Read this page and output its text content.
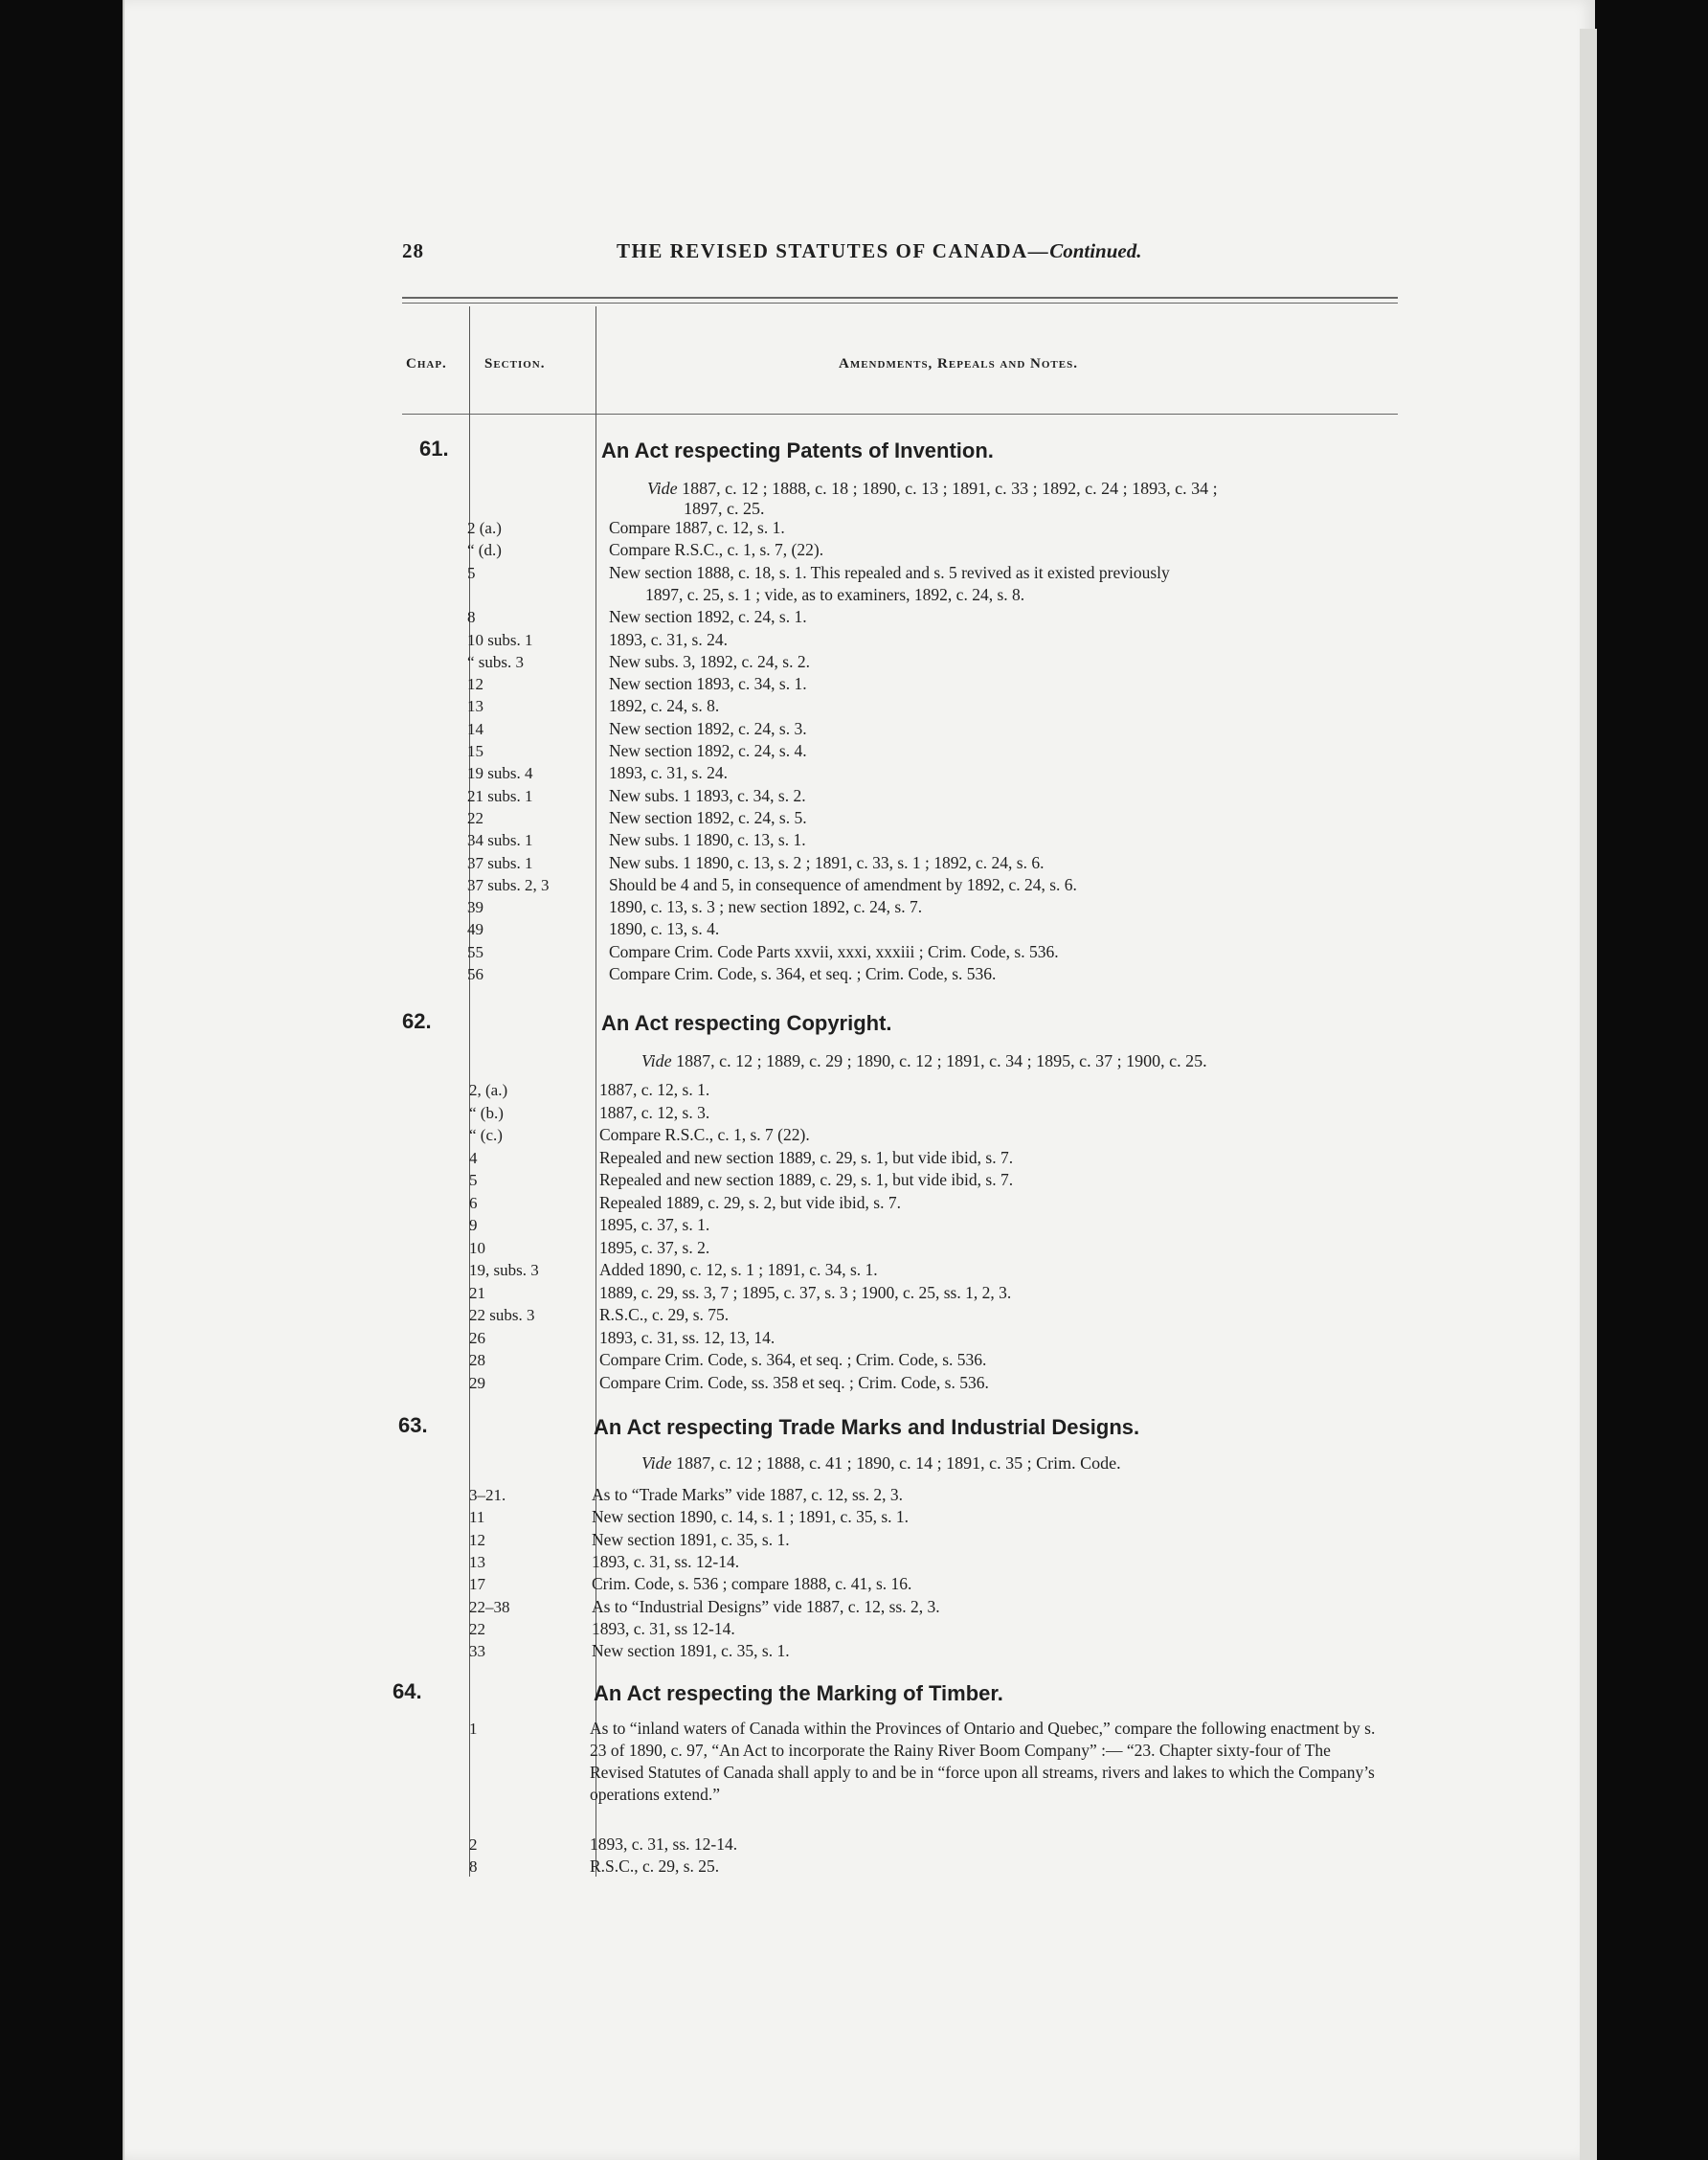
28	THE REVISED STATUTES OF CANADA—Continued.
Chap.	Section.	Amendments, Repeals and Notes.
61.	An Act respecting Patents of Invention.
Vide 1887, c. 12 ; 1888, c. 18 ; 1890, c. 13 ; 1891, c. 33 ; 1892, c. 24 ; 1893, c. 34 ;
1897, c. 25.
2 (a.)	Compare 1887, c. 12, s. 1.
“ (d.)	Compare R.S.C., c. 1, s. 7, (22).
5	New section 1888, c. 18, s. 1. This repealed and s. 5 revived as it existed previously
1897, c. 25, s. 1 ; vide, as to examiners, 1892, c. 24, s. 8.
8	New section 1892, c. 24, s. 1.
10 subs. 1	1893, c. 31, s. 24.
“ subs. 3	New subs. 3, 1892, c. 24, s. 2.
12	New section 1893, c. 34, s. 1.
13	1892, c. 24, s. 8.
14	New section 1892, c. 24, s. 3.
15	New section 1892, c. 24, s. 4.
19 subs. 4	1893, c. 31, s. 24.
21 subs. 1	New subs. 1 1893, c. 34, s. 2.
22	New section 1892, c. 24, s. 5.
34 subs. 1	New subs. 1 1890, c. 13, s. 1.
37 subs. 1	New subs. 1 1890, c. 13, s. 2 ; 1891, c. 33, s. 1 ; 1892, c. 24, s. 6.
37 subs. 2, 3	Should be 4 and 5, in consequence of amendment by 1892, c. 24, s. 6.
39	1890, c. 13, s. 3 ; new section 1892, c. 24, s. 7.
49	1890, c. 13, s. 4.
55	Compare Crim. Code Parts xxvii, xxxi, xxxiii ; Crim. Code, s. 536.
56	Compare Crim. Code, s. 364, et seq. ; Crim. Code, s. 536.
62.	An Act respecting Copyright.
Vide 1887, c. 12 ; 1889, c. 29 ; 1890, c. 12 ; 1891, c. 34 ; 1895, c. 37 ; 1900, c. 25.
2, (a.)	1887, c. 12, s. 1.
“ (b.)	1887, c. 12, s. 3.
“ (c.)	Compare R.S.C., c. 1, s. 7 (22).
4	Repealed and new section 1889, c. 29, s. 1, but vide ibid, s. 7.
5	Repealed and new section 1889, c. 29, s. 1, but vide ibid, s. 7.
6	Repealed 1889, c. 29, s. 2, but vide ibid, s. 7.
9	1895, c. 37, s. 1.
10	1895, c. 37, s. 2.
19, subs. 3	Added 1890, c. 12, s. 1 ; 1891, c. 34, s. 1.
21	1889, c. 29, ss. 3, 7 ; 1895, c. 37, s. 3 ; 1900, c. 25, ss. 1, 2, 3.
22 subs. 3	R.S.C., c. 29, s. 75.
26	1893, c. 31, ss. 12, 13, 14.
28	Compare Crim. Code, s. 364, et seq. ; Crim. Code, s. 536.
29	Compare Crim. Code, ss. 358 et seq. ; Crim. Code, s. 536.
63.	An Act respecting Trade Marks and Industrial Designs.
Vide 1887, c. 12 ; 1888, c. 41 ; 1890, c. 14 ; 1891, c. 35 ; Crim. Code.
3–21.	As to “Trade Marks” vide 1887, c. 12, ss. 2, 3.
11	New section 1890, c. 14, s. 1 ; 1891, c. 35, s. 1.
12	New section 1891, c. 35, s. 1.
13	1893, c. 31, ss. 12-14.
17	Crim. Code, s. 536 ; compare 1888, c. 41, s. 16.
22–38	As to “Industrial Designs” vide 1887, c. 12, ss. 2, 3.
22	1893, c. 31, ss 12-14.
33	New section 1891, c. 35, s. 1.
64.	An Act respecting the Marking of Timber.
1	As to “inland waters of Canada within the Provinces of Ontario and Quebec,” compare the following enactment by s. 23 of 1890, c. 97, “An Act to incorporate the Rainy River Boom Company” :— “23. Chapter sixty-four of The Revised Statutes of Canada shall apply to and be in “force upon all streams, rivers and lakes to which the Company’s operations extend.”
2	1893, c. 31, ss. 12-14.
8	R.S.C., c. 29, s. 25.
